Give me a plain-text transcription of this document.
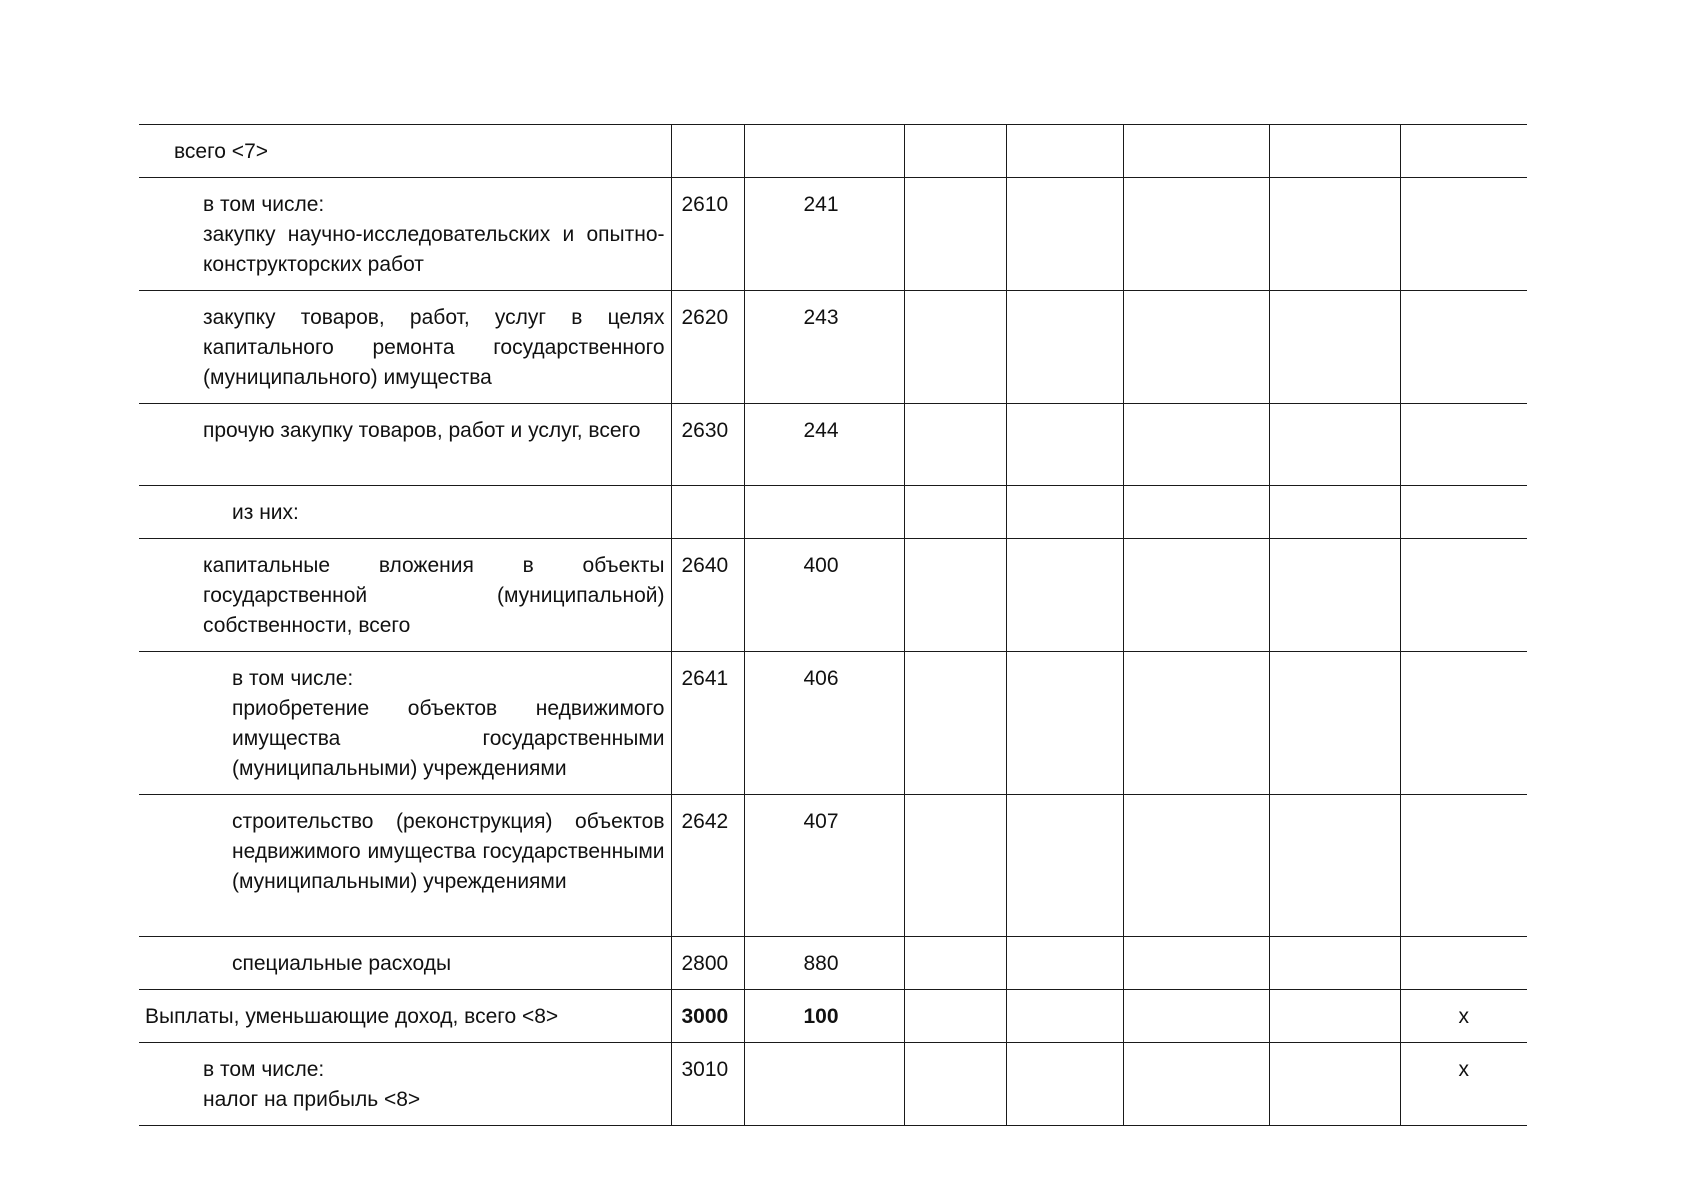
всего <7>							

в том числе:
закупку научно-исследовательских и опытно-конструкторских работ	2610	241					

закупку товаров, работ, услуг в целях капитального ремонта государственного (муниципального) имущества	2620	243					

прочую закупку товаров, работ и услуг, всего	2630	244					

из них:							

капитальные вложения в объекты государственной (муниципальной) собственности, всего	2640	400					

в том числе:
приобретение объектов недвижимого имущества государственными (муниципальными) учреждениями	2641	406					

строительство (реконструкция) объектов недвижимого имущества государственными (муниципальными) учреждениями	2642	407					

специальные расходы	2800	880					

Выплаты, уменьшающие доход, всего <8>	3000	100					x

в том числе:
налог на прибыль <8>	3010						x
